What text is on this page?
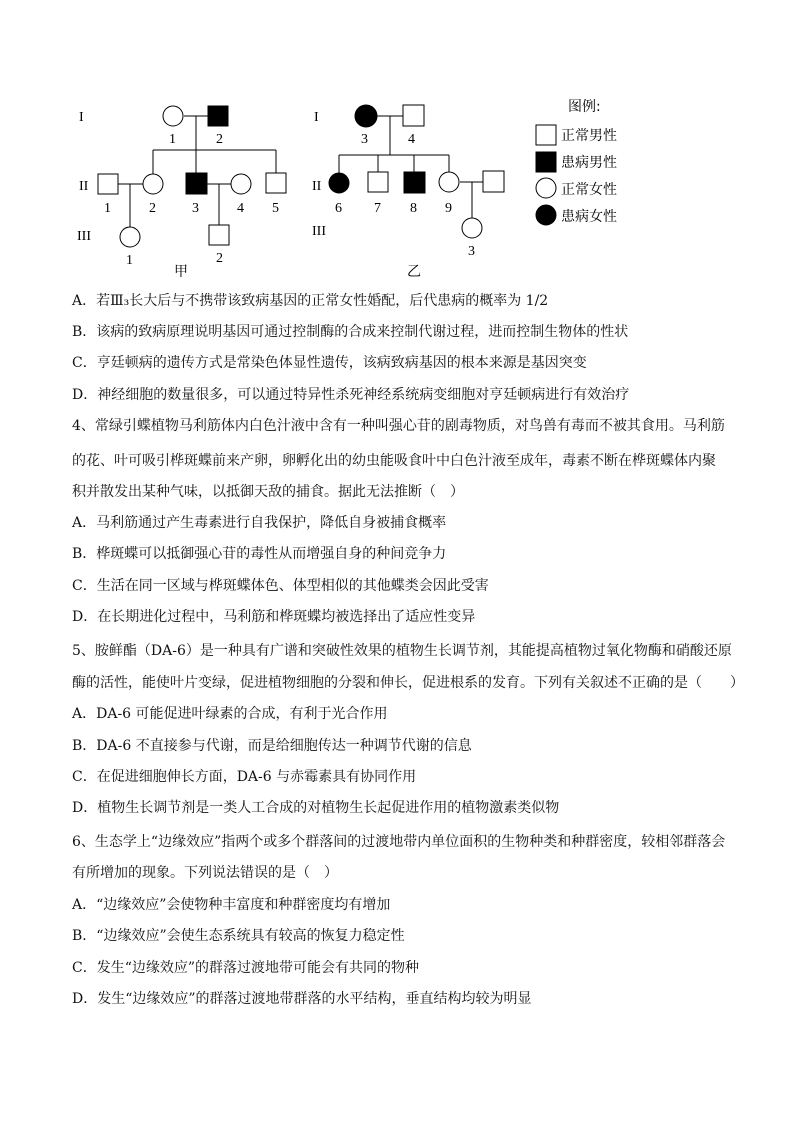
I
II
III
I
II
III
1	2
1	2	3	4 5
1	2
甲
3	4
6 7 8 9
3
乙
图例:
正常男性
患病男性
正常女性
患病女性
A．若Ⅲ₃长大后与不携带该致病基因的正常女性婚配，后代患病的概率为 1/2
B．该病的致病原理说明基因可通过控制酶的合成来控制代谢过程，进而控制生物体的性状
C．亨廷顿病的遗传方式是常染色体显性遗传，该病致病基因的根本来源是基因突变
D．神经细胞的数量很多，可以通过特异性杀死神经系统病变细胞对亨廷顿病进行有效治疗
4、常绿引蝶植物马利筋体内白色汁液中含有一种叫强心苷的剧毒物质，对鸟兽有毒而不被其食用。马利筋
的花、叶可吸引桦斑蝶前来产卵，卵孵化出的幼虫能吸食叶中白色汁液至成年，毒素不断在桦斑蝶体内聚
积并散发出某种气味，以抵御天敌的捕食。据此无法推断（　）
A．马利筋通过产生毒素进行自我保护，降低自身被捕食概率
B．桦斑蝶可以抵御强心苷的毒性从而增强自身的种间竞争力
C．生活在同一区域与桦斑蝶体色、体型相似的其他蝶类会因此受害
D．在长期进化过程中，马利筋和桦斑蝶均被选择出了适应性变异
5、胺鲜酯（DA-6）是一种具有广谱和突破性效果的植物生长调节剂，其能提高植物过氧化物酶和硝酸还原
酶的活性，能使叶片变绿，促进植物细胞的分裂和伸长，促进根系的发育。下列有关叙述不正确的是（　　）
A．DA-6 可能促进叶绿素的合成，有利于光合作用
B．DA-6 不直接参与代谢，而是给细胞传达一种调节代谢的信息
C．在促进细胞伸长方面，DA-6 与赤霉素具有协同作用
D．植物生长调节剂是一类人工合成的对植物生长起促进作用的植物激素类似物
6、生态学上“边缘效应”指两个或多个群落间的过渡地带内单位面积的生物种类和种群密度，较相邻群落会
有所增加的现象。下列说法错误的是（　）
A．“边缘效应”会使物种丰富度和种群密度均有增加
B．“边缘效应”会使生态系统具有较高的恢复力稳定性
C．发生“边缘效应”的群落过渡地带可能会有共同的物种
D．发生“边缘效应”的群落过渡地带群落的水平结构，垂直结构均较为明显
